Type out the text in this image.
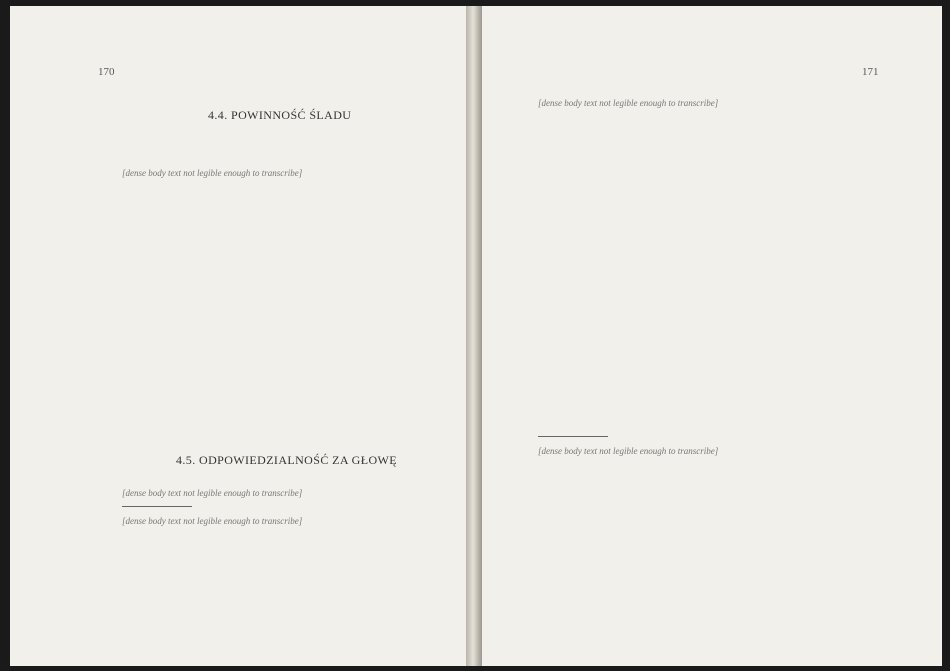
170
4.4. POWINNOŚĆ ŚLADU
[dense body text not legible enough to transcribe]
4.5. ODPOWIEDZIALNOŚĆ ZA GŁOWĘ
[dense body text not legible enough to transcribe]
[dense body text not legible enough to transcribe]
171
[dense body text not legible enough to transcribe]
[dense body text not legible enough to transcribe]
